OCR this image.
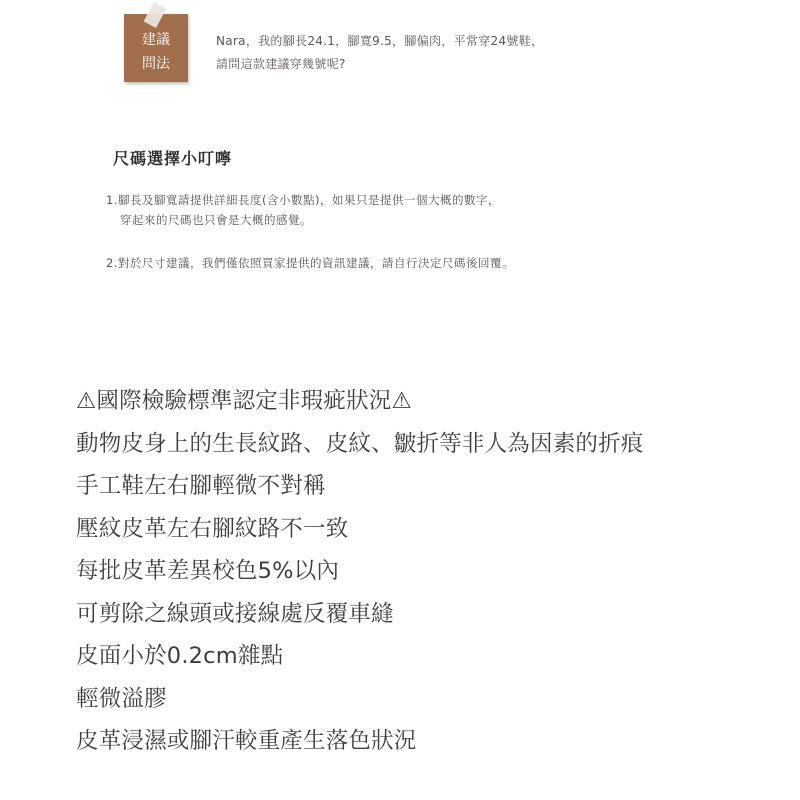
建議
問法
Nara，我的腳長24.1，腳寬9.5，腳偏肉，平常穿24號鞋，
請問這款建議穿幾號呢?
尺碼選擇小叮嚀
1.腳長及腳寬請提供詳細長度(含小數點)，如果只是提供一個大概的數字，
穿起來的尺碼也只會是大概的感覺。
2.對於尺寸建議，我們僅依照買家提供的資訊建議，請自行決定尺碼後回覆。
⚠國際檢驗標準認定非瑕疵狀況⚠
動物皮身上的生長紋路、皮紋、皺折等非人為因素的折痕
手工鞋左右腳輕微不對稱
壓紋皮革左右腳紋路不一致
每批皮革差異校色5%以內
可剪除之線頭或接線處反覆車縫
皮面小於0.2cm雜點
輕微溢膠
皮革浸濕或腳汗較重產生落色狀況
